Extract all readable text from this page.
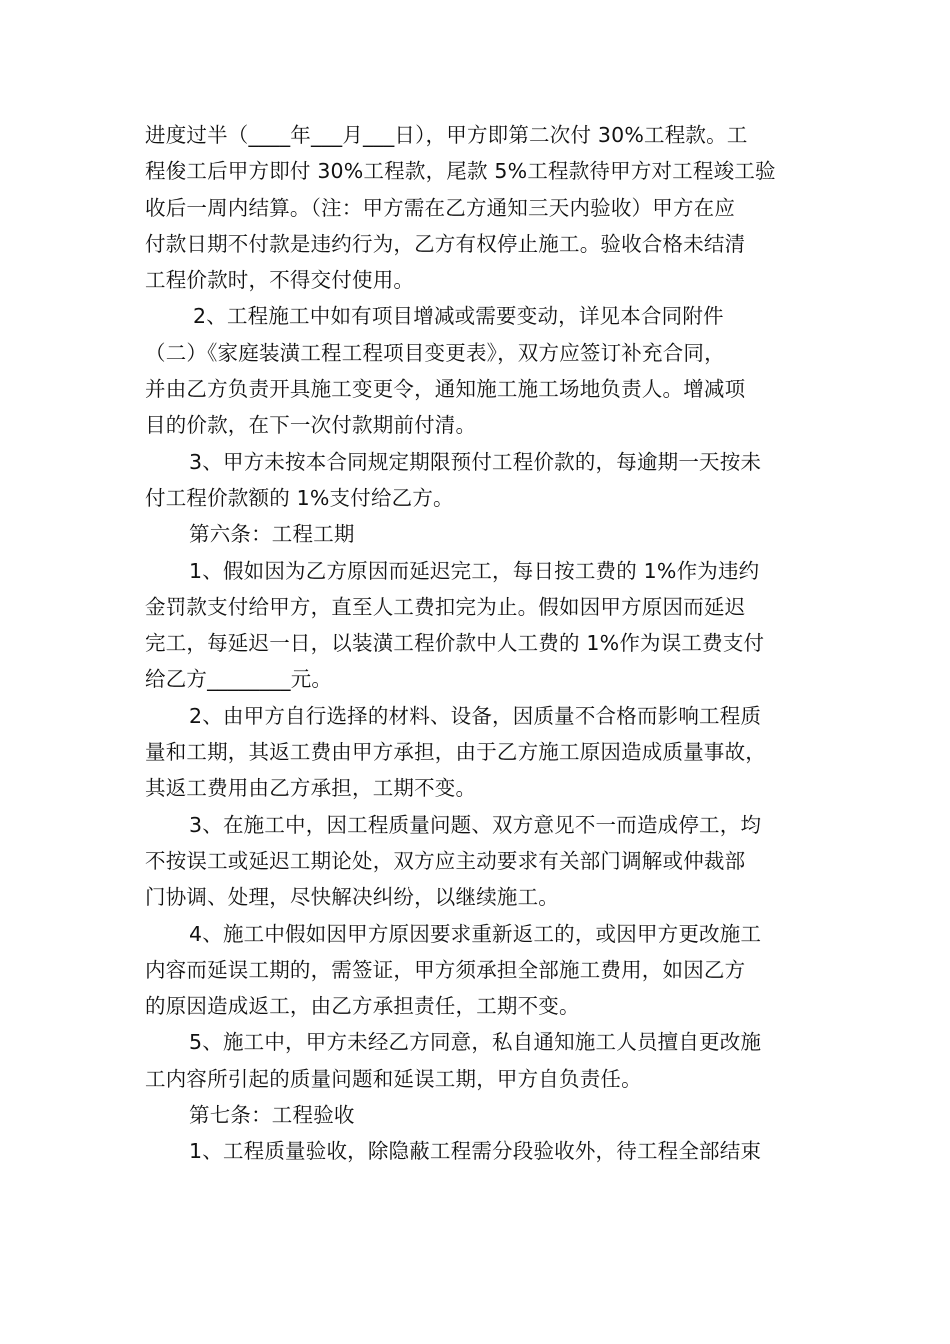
进度过半（____年___月___日），甲方即第二次付 30%工程款。工
程俊工后甲方即付 30%工程款，尾款 5%工程款待甲方对工程竣工验
收后一周内结算。（注：甲方需在乙方通知三天内验收）甲方在应
付款日期不付款是违约行为，乙方有权停止施工。验收合格未结清
工程价款时，不得交付使用。

2、工程施工中如有项目增减或需要变动，详见本合同附件
（二）《家庭装潢工程工程项目变更表》，双方应签订补充合同，
并由乙方负责开具施工变更令，通知施工施工场地负责人。增减项
目的价款，在下一次付款期前付清。

3、甲方未按本合同规定期限预付工程价款的，每逾期一天按未
付工程价款额的 1%支付给乙方。

第六条：工程工期

1、假如因为乙方原因而延迟完工，每日按工费的 1%作为违约
金罚款支付给甲方，直至人工费扣完为止。假如因甲方原因而延迟
完工，每延迟一日，以装潢工程价款中人工费的 1%作为误工费支付
给乙方________元。

2、由甲方自行选择的材料、设备，因质量不合格而影响工程质
量和工期，其返工费由甲方承担，由于乙方施工原因造成质量事故，
其返工费用由乙方承担，工期不变。

3、在施工中，因工程质量问题、双方意见不一而造成停工，均
不按误工或延迟工期论处，双方应主动要求有关部门调解或仲裁部
门协调、处理，尽快解决纠纷，以继续施工。

4、施工中假如因甲方原因要求重新返工的，或因甲方更改施工
内容而延误工期的，需签证，甲方须承担全部施工费用，如因乙方
的原因造成返工，由乙方承担责任，工期不变。

5、施工中，甲方未经乙方同意，私自通知施工人员擅自更改施
工内容所引起的质量问题和延误工期，甲方自负责任。

第七条：工程验收

1、工程质量验收，除隐蔽工程需分段验收外，待工程全部结束
